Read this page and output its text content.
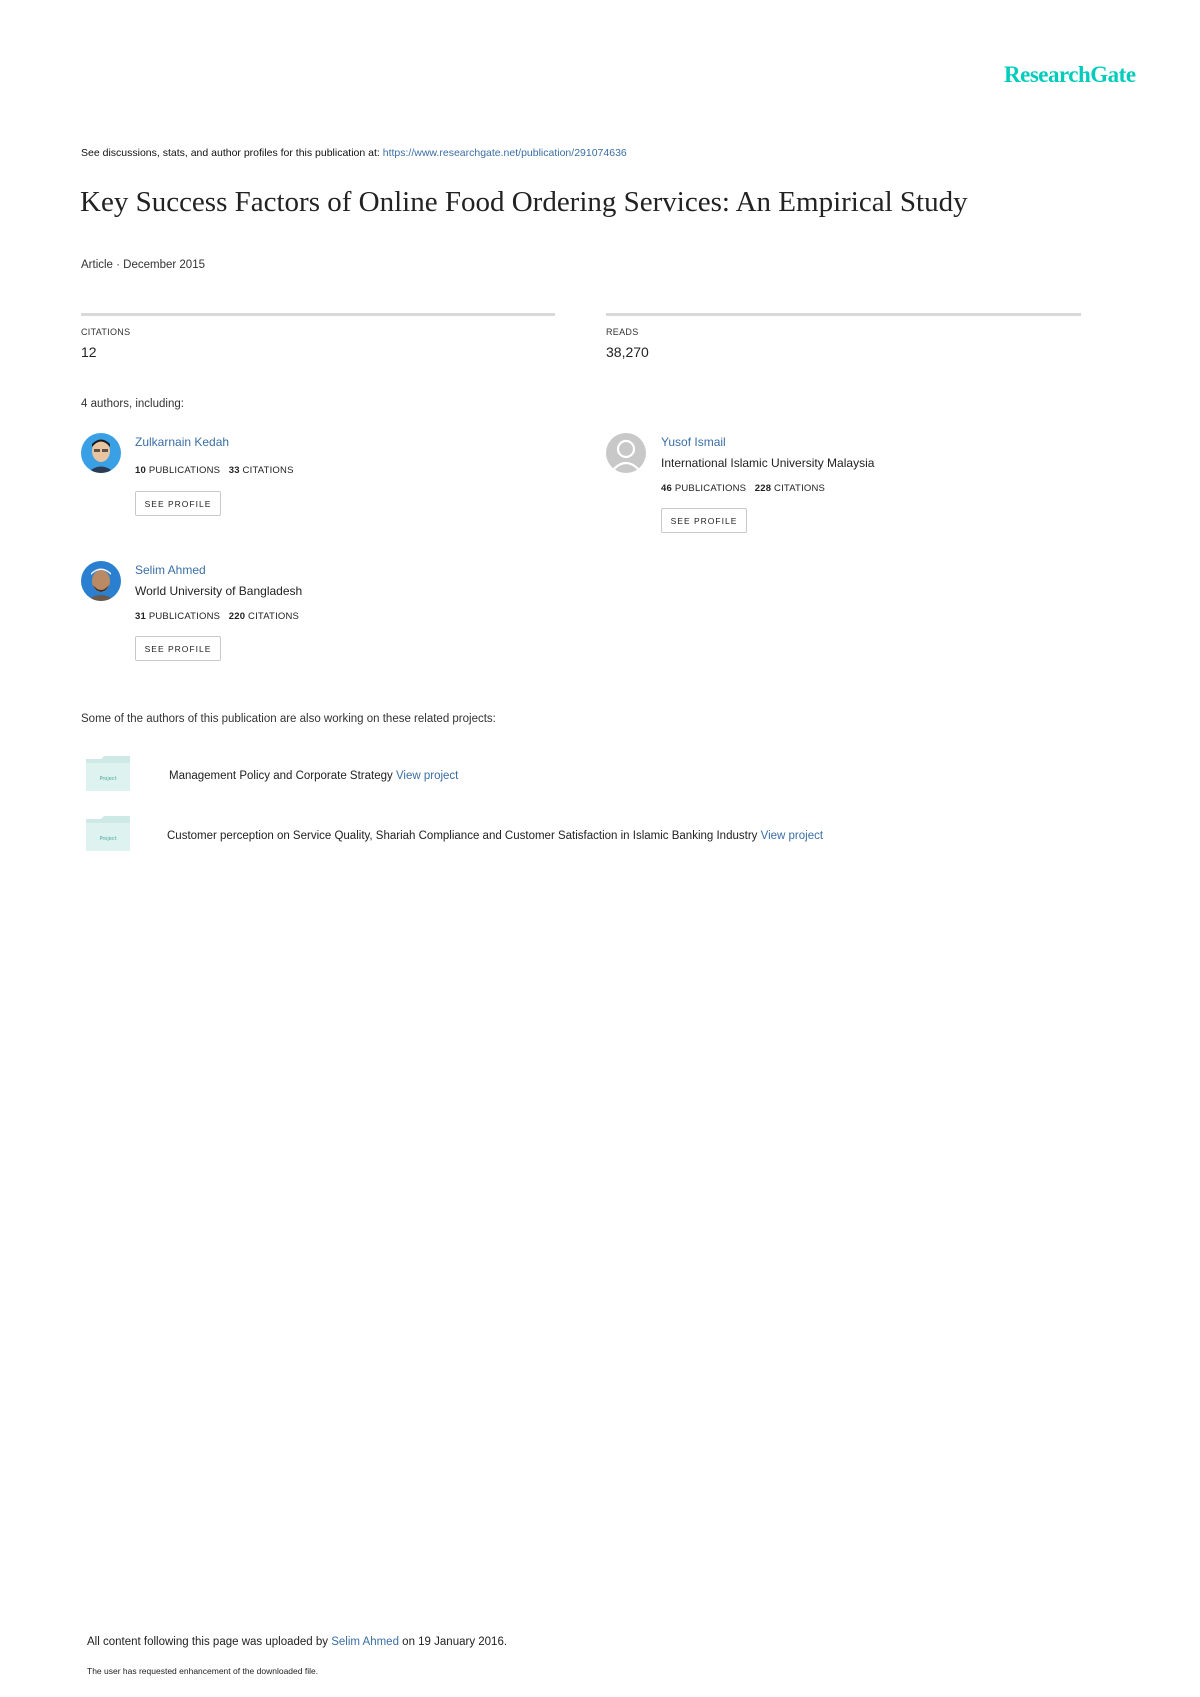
ResearchGate
See discussions, stats, and author profiles for this publication at: https://www.researchgate.net/publication/291074636
Key Success Factors of Online Food Ordering Services: An Empirical Study
Article · December 2015
CITATIONS
12
READS
38,270
4 authors, including:
Zulkarnain Kedah
10 PUBLICATIONS 33 CITATIONS
SEE PROFILE
Yusof Ismail
International Islamic University Malaysia
46 PUBLICATIONS 228 CITATIONS
SEE PROFILE
Selim Ahmed
World University of Bangladesh
31 PUBLICATIONS 220 CITATIONS
SEE PROFILE
Some of the authors of this publication are also working on these related projects:
Project	Management Policy and Corporate Strategy View project
Project	Customer perception on Service Quality, Shariah Compliance and Customer Satisfaction in Islamic Banking Industry View project
All content following this page was uploaded by Selim Ahmed on 19 January 2016.
The user has requested enhancement of the downloaded file.
